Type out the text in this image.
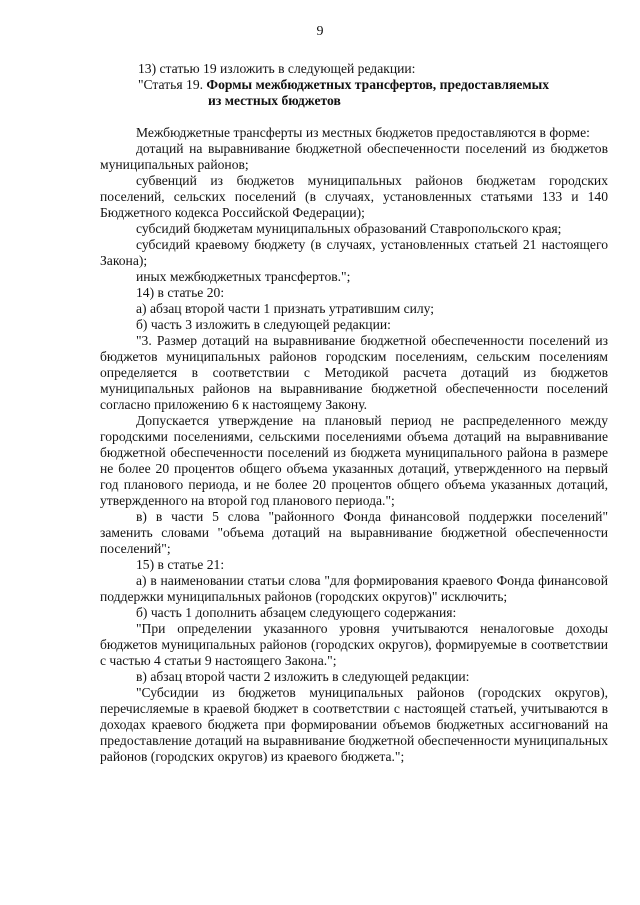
9
13) статью 19 изложить в следующей редакции:
"Статья 19. Формы межбюджетных трансфертов, предоставляемых
из местных бюджетов

Межбюджетные трансферты из местных бюджетов предоставляются в форме:

дотаций на выравнивание бюджетной обеспеченности поселений из бюджетов муниципальных районов;

субвенций из бюджетов муниципальных районов бюджетам городских поселений, сельских поселений (в случаях, установленных статьями 133 и 140 Бюджетного кодекса Российской Федерации);

субсидий бюджетам муниципальных образований Ставропольского края;

субсидий краевому бюджету (в случаях, установленных статьей 21 настоящего Закона);

иных межбюджетных трансфертов.";

14) в статье 20:

а) абзац второй части 1 признать утратившим силу;

б) часть 3 изложить в следующей редакции:

"3. Размер дотаций на выравнивание бюджетной обеспеченности поселений из бюджетов муниципальных районов городским поселениям, сельским поселениям определяется в соответствии с Методикой расчета дотаций из бюджетов муниципальных районов на выравнивание бюджетной обеспеченности поселений согласно приложению 6 к настоящему Закону.

Допускается утверждение на плановый период не распределенного между городскими поселениями, сельскими поселениями объема дотаций на выравнивание бюджетной обеспеченности поселений из бюджета муниципального района в размере не более 20 процентов общего объема указанных дотаций, утвержденного на первый год планового периода, и не более 20 процентов общего объема указанных дотаций, утвержденного на второй год планового периода.";

в) в части 5 слова "районного Фонда финансовой поддержки поселений" заменить словами "объема дотаций на выравнивание бюджетной обеспеченности поселений";

15) в статье 21:

а) в наименовании статьи слова "для формирования краевого Фонда финансовой поддержки муниципальных районов (городских округов)" исключить;

б) часть 1 дополнить абзацем следующего содержания:

"При определении указанного уровня учитываются неналоговые доходы бюджетов муниципальных районов (городских округов), формируемые в соответствии с частью 4 статьи 9 настоящего Закона.";

в) абзац второй части 2 изложить в следующей редакции:

"Субсидии из бюджетов муниципальных районов (городских округов), перечисляемые в краевой бюджет в соответствии с настоящей статьей, учитываются в доходах краевого бюджета при формировании объемов бюджетных ассигнований на предоставление дотаций на выравнивание бюджетной обеспеченности муниципальных районов (городских округов) из краевого бюджета.";
